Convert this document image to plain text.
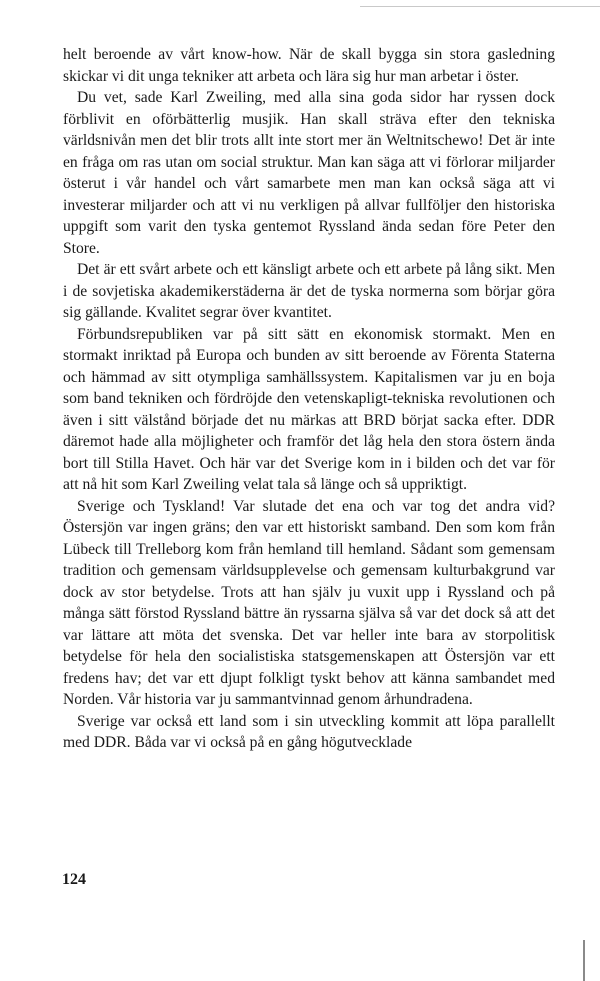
helt beroende av vårt know-how. När de skall bygga sin stora gasledning skickar vi dit unga tekniker att arbeta och lära sig hur man arbetar i öster.

Du vet, sade Karl Zweiling, med alla sina goda sidor har ryssen dock förblivit en oförbätterlig musjik. Han skall sträva efter den tekniska världsnivån men det blir trots allt inte stort mer än Weltnitschewo! Det är inte en fråga om ras utan om social struktur. Man kan säga att vi förlorar miljarder österut i vår handel och vårt samarbete men man kan också säga att vi investerar miljarder och att vi nu verkligen på allvar fullföljer den historiska uppgift som varit den tyska gentemot Ryssland ända sedan före Peter den Store.

Det är ett svårt arbete och ett känsligt arbete och ett arbete på lång sikt. Men i de sovjetiska akademikerstäderna är det de tyska normerna som börjar göra sig gällande. Kvalitet segrar över kvantitet.

Förbundsrepubliken var på sitt sätt en ekonomisk stormakt. Men en stormakt inriktad på Europa och bunden av sitt beroende av Förenta Staterna och hämmad av sitt otympliga samhällssystem. Kapitalismen var ju en boja som band tekniken och fördröjde den vetenskapligt-tekniska revolutionen och även i sitt välstånd började det nu märkas att BRD börjat sacka efter. DDR däremot hade alla möjligheter och framför det låg hela den stora östern ända bort till Stilla Havet. Och här var det Sverige kom in i bilden och det var för att nå hit som Karl Zweiling velat tala så länge och så uppriktigt.

Sverige och Tyskland! Var slutade det ena och var tog det andra vid? Östersjön var ingen gräns; den var ett historiskt samband. Den som kom från Lübeck till Trelleborg kom från hemland till hemland. Sådant som gemensam tradition och gemensam världsupplevelse och gemensam kulturbakgrund var dock av stor betydelse. Trots att han själv ju vuxit upp i Ryssland och på många sätt förstod Ryssland bättre än ryssarna själva så var det dock så att det var lättare att möta det svenska. Det var heller inte bara av storpolitisk betydelse för hela den socialistiska statsgemenskapen att Östersjön var ett fredens hav; det var ett djupt folkligt tyskt behov att känna sambandet med Norden. Vår historia var ju sammantvinnad genom århundradena.

Sverige var också ett land som i sin utveckling kommit att löpa parallellt med DDR. Båda var vi också på en gång högutvecklade

124
